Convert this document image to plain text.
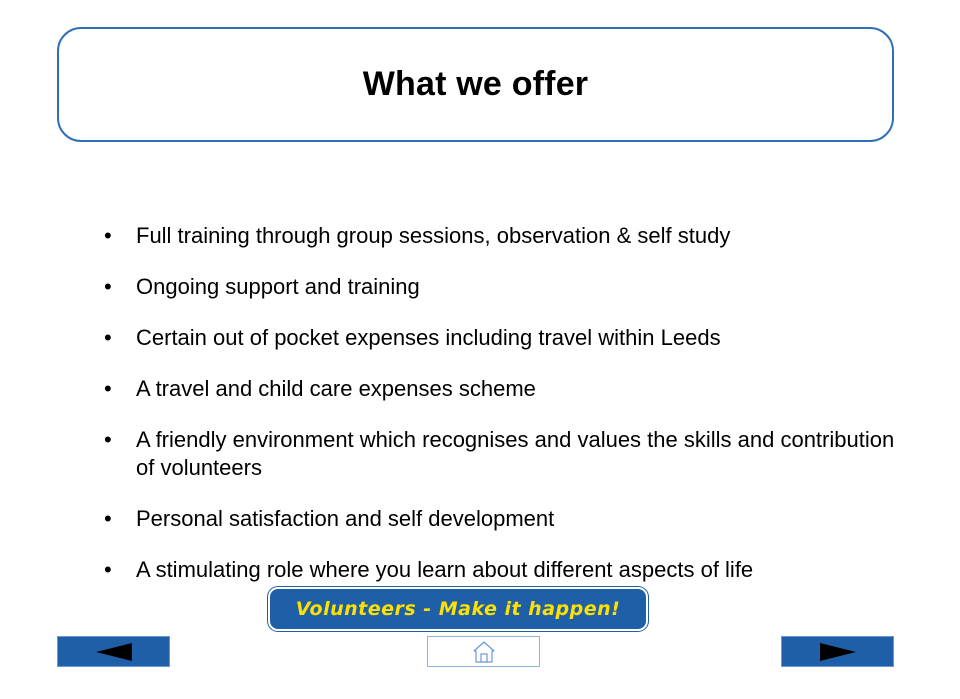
What we offer
• Full training through group sessions, observation & self study
• Ongoing support and training
• Certain out of pocket expenses including travel within Leeds
• A travel and child care expenses scheme
• A friendly environment which recognises and values the skills and contribution of volunteers
• Personal satisfaction and self development
• A stimulating role where you learn about different aspects of life
Volunteers - Make it happen!
